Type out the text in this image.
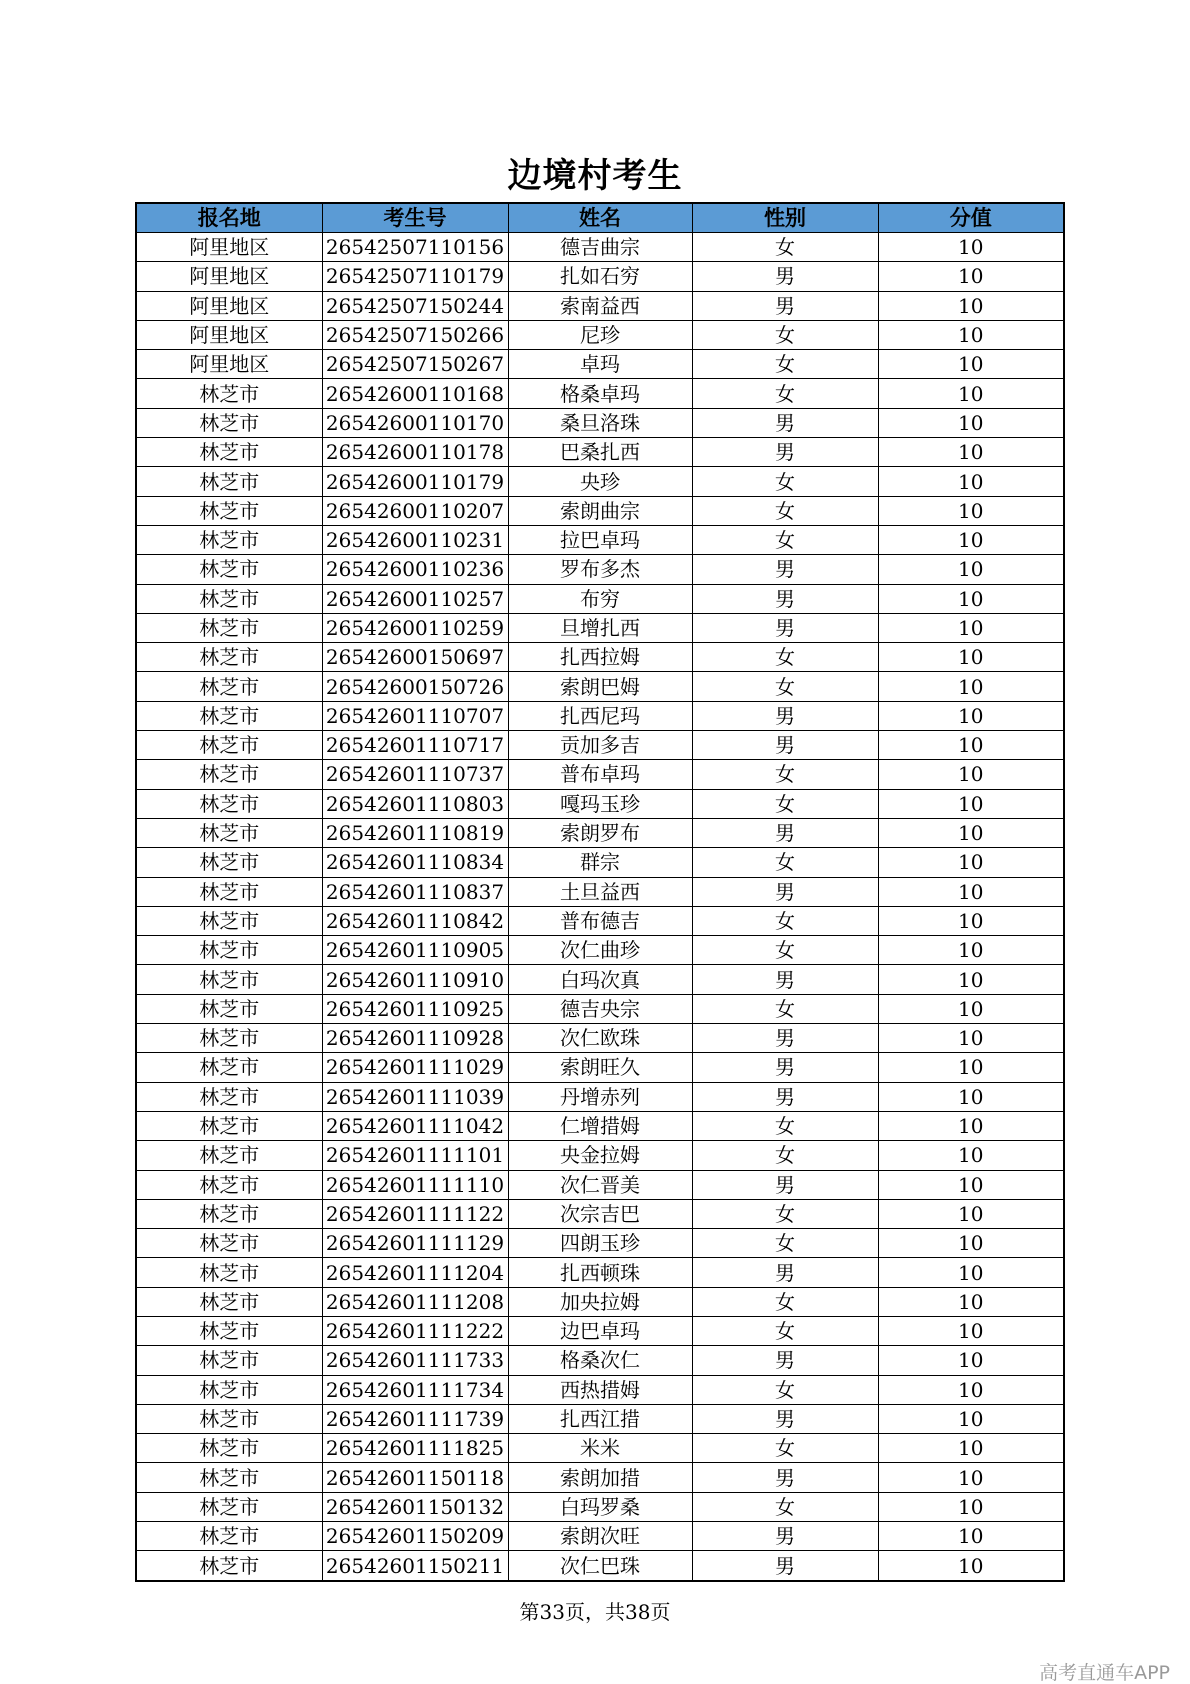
边境村考生
报名地	考生号	姓名	性别	分值
阿里地区	26542507110156	德吉曲宗	女	10
阿里地区	26542507110179	扎如石穷	男	10
阿里地区	26542507150244	索南益西	男	10
阿里地区	26542507150266	尼珍	女	10
阿里地区	26542507150267	卓玛	女	10
林芝市	26542600110168	格桑卓玛	女	10
林芝市	26542600110170	桑旦洛珠	男	10
林芝市	26542600110178	巴桑扎西	男	10
林芝市	26542600110179	央珍	女	10
林芝市	26542600110207	索朗曲宗	女	10
林芝市	26542600110231	拉巴卓玛	女	10
林芝市	26542600110236	罗布多杰	男	10
林芝市	26542600110257	布穷	男	10
林芝市	26542600110259	旦增扎西	男	10
林芝市	26542600150697	扎西拉姆	女	10
林芝市	26542600150726	索朗巴姆	女	10
林芝市	26542601110707	扎西尼玛	男	10
林芝市	26542601110717	贡加多吉	男	10
林芝市	26542601110737	普布卓玛	女	10
林芝市	26542601110803	嘎玛玉珍	女	10
林芝市	26542601110819	索朗罗布	男	10
林芝市	26542601110834	群宗	女	10
林芝市	26542601110837	土旦益西	男	10
林芝市	26542601110842	普布德吉	女	10
林芝市	26542601110905	次仁曲珍	女	10
林芝市	26542601110910	白玛次真	男	10
林芝市	26542601110925	德吉央宗	女	10
林芝市	26542601110928	次仁欧珠	男	10
林芝市	26542601111029	索朗旺久	男	10
林芝市	26542601111039	丹增赤列	男	10
林芝市	26542601111042	仁增措姆	女	10
林芝市	26542601111101	央金拉姆	女	10
林芝市	26542601111110	次仁晋美	男	10
林芝市	26542601111122	次宗吉巴	女	10
林芝市	26542601111129	四朗玉珍	女	10
林芝市	26542601111204	扎西顿珠	男	10
林芝市	26542601111208	加央拉姆	女	10
林芝市	26542601111222	边巴卓玛	女	10
林芝市	26542601111733	格桑次仁	男	10
林芝市	26542601111734	西热措姆	女	10
林芝市	26542601111739	扎西江措	男	10
林芝市	26542601111825	米米	女	10
林芝市	26542601150118	索朗加措	男	10
林芝市	26542601150132	白玛罗桑	女	10
林芝市	26542601150209	索朗次旺	男	10
林芝市	26542601150211	次仁巴珠	男	10
第33页，共38页
高考直通车APP
